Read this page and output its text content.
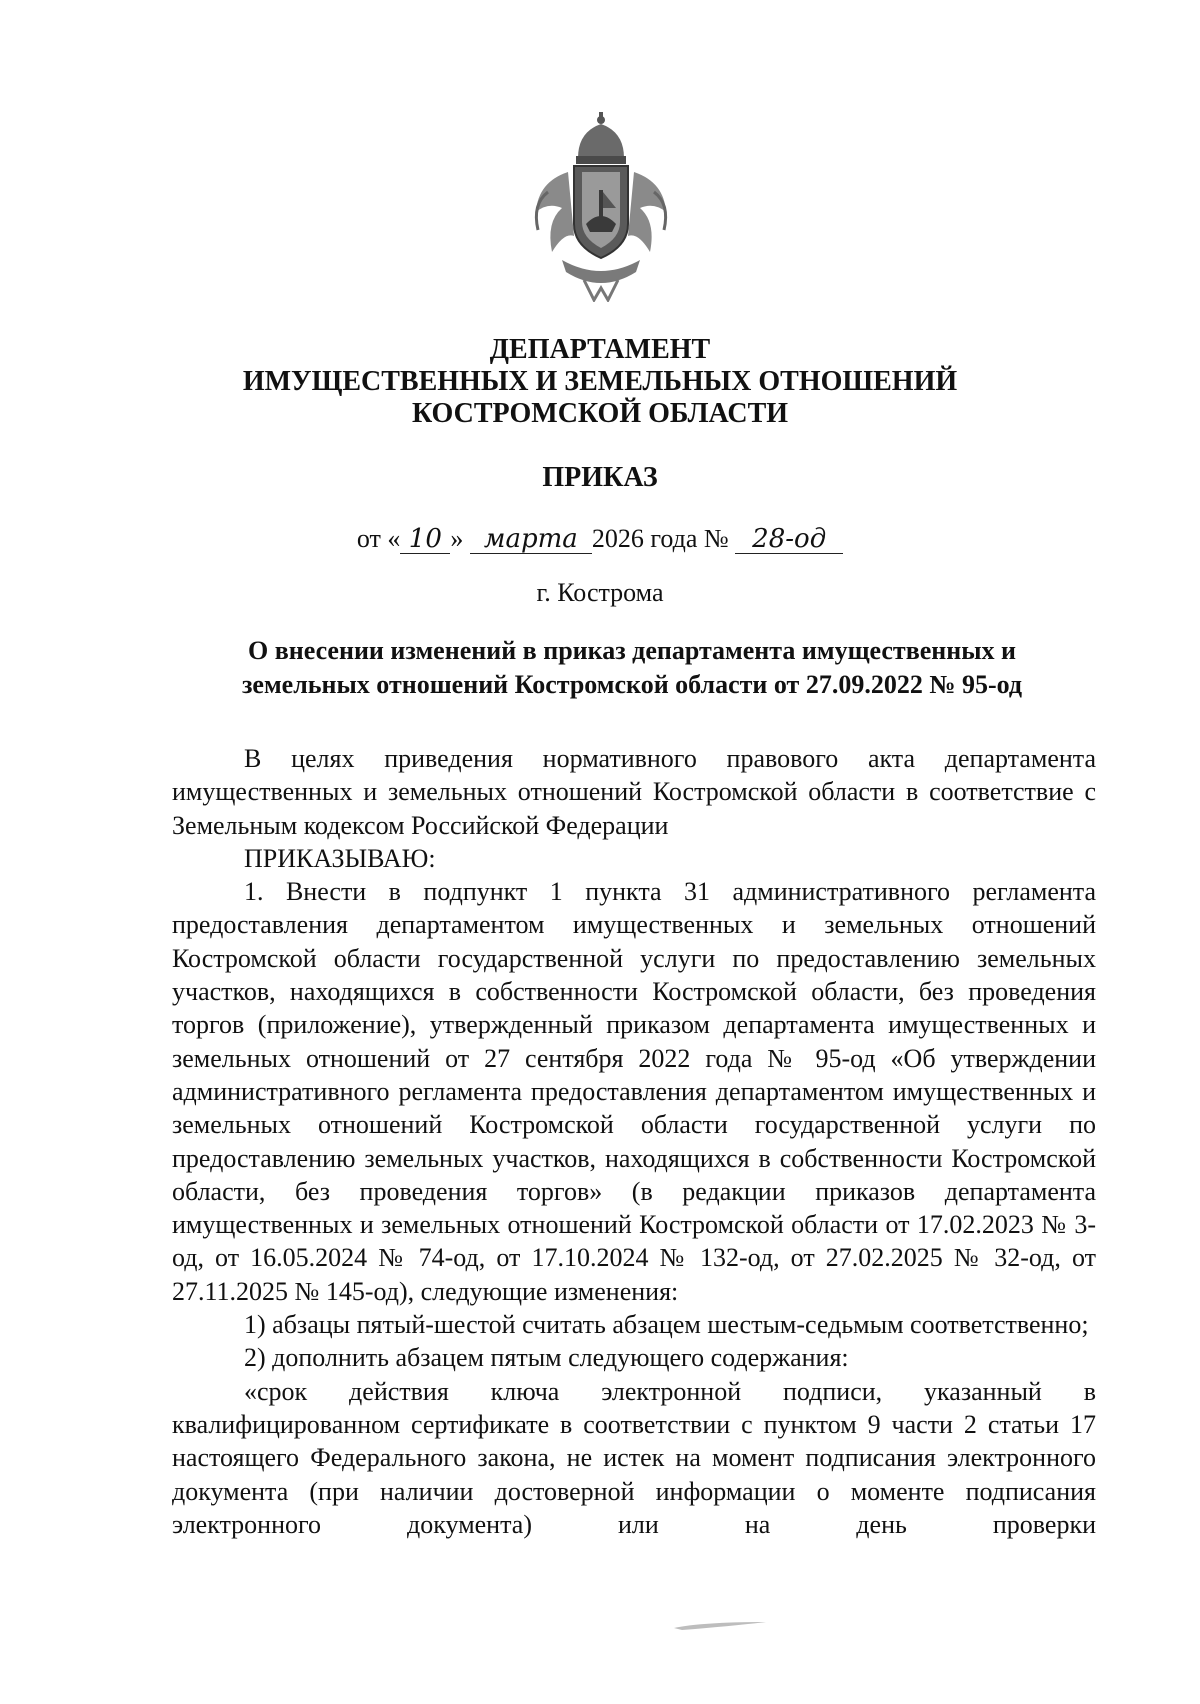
ДЕПАРТАМЕНТ
ИМУЩЕСТВЕННЫХ И ЗЕМЕЛЬНЫХ ОТНОШЕНИЙ
КОСТРОМСКОЙ ОБЛАСТИ
ПРИКАЗ
от « 10 » марта 2026 года № 28-од
г. Кострома
О внесении изменений в приказ департамента имущественных и
земельных отношений Костромской области от 27.09.2022 № 95-од

В целях приведения нормативного правового акта департамента имущественных и земельных отношений Костромской области в соответствие с Земельным кодексом Российской Федерации

ПРИКАЗЫВАЮ:

1. Внести в подпункт 1 пункта 31 административного регламента предоставления департаментом имущественных и земельных отношений Костромской области государственной услуги по предоставлению земельных участков, находящихся в собственности Костромской области, без проведения торгов (приложение), утвержденный приказом департамента имущественных и земельных отношений от 27 сентября 2022 года № 95-од «Об утверждении административного регламента предоставления департаментом имущественных и земельных отношений Костромской области государственной услуги по предоставлению земельных участков, находящихся в собственности Костромской области, без проведения торгов» (в редакции приказов департамента имущественных и земельных отношений Костромской области от 17.02.2023 № 3-од, от 16.05.2024 № 74-од, от 17.10.2024 № 132-од, от 27.02.2025 № 32-од, от 27.11.2025 № 145-од), следующие изменения:

1) абзацы пятый-шестой считать абзацем шестым-седьмым соответственно;

2) дополнить абзацем пятым следующего содержания:

«срок действия ключа электронной подписи, указанный в квалифицированном сертификате в соответствии с пунктом 9 части 2 статьи 17 настоящего Федерального закона, не истек на момент подписания электронного документа (при наличии достоверной информации о моменте подписания электронного документа) или на день проверки
